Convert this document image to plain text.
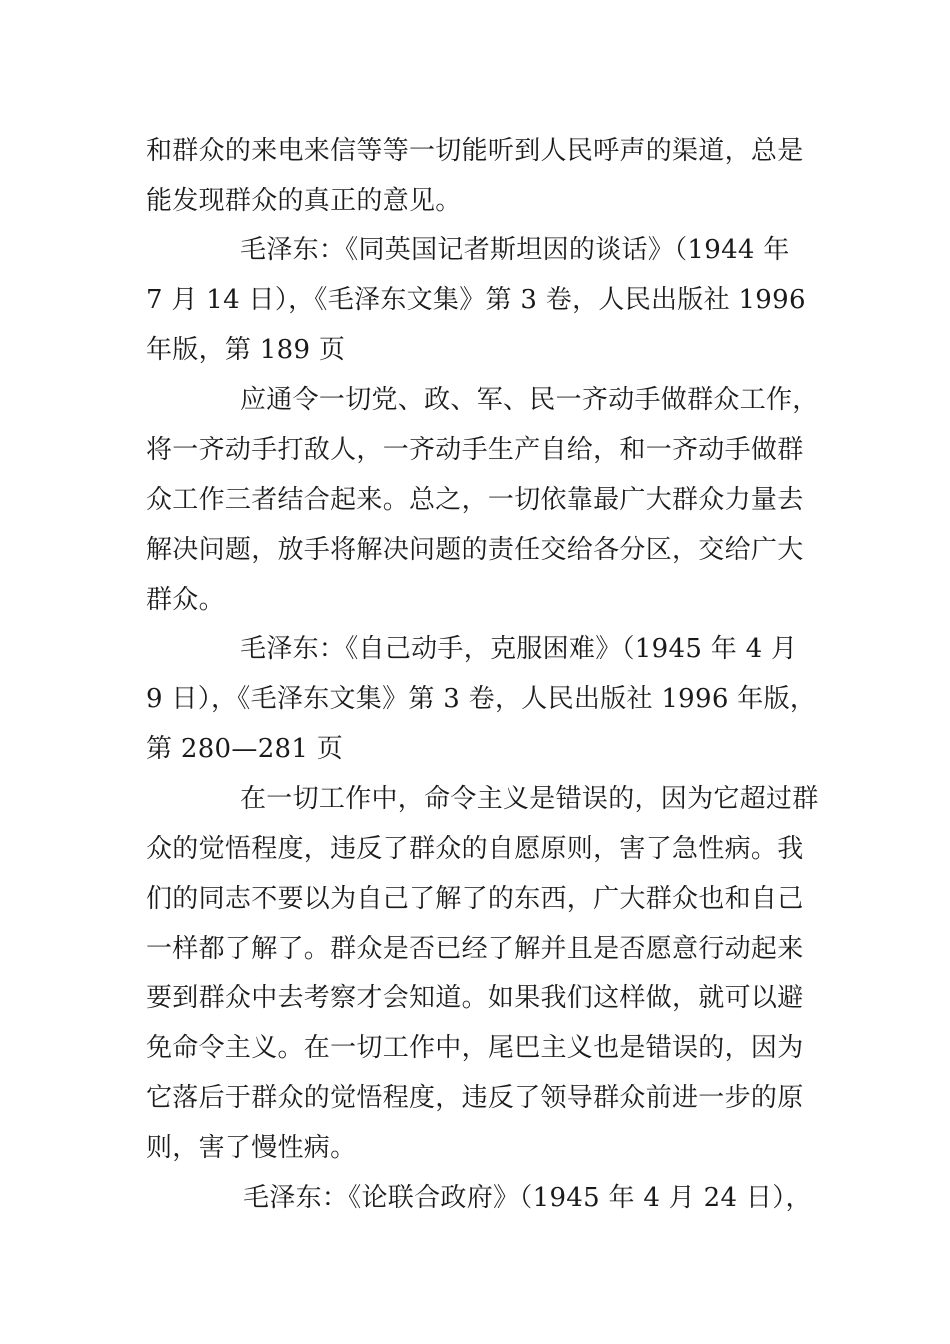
和群众的来电来信等等一切能听到人民呼声的渠道，总是
能发现群众的真正的意见。
毛泽东：《同英国记者斯坦因的谈话》（1944 年
7 月 14 日），《毛泽东文集》第 3 卷，人民出版社 1996
年版，第 189 页
应通令一切党、政、军、民一齐动手做群众工作，
将一齐动手打敌人，一齐动手生产自给，和一齐动手做群
众工作三者结合起来。总之，一切依靠最广大群众力量去
解决问题，放手将解决问题的责任交给各分区，交给广大
群众。
毛泽东：《自己动手，克服困难》（1945 年 4 月
9 日），《毛泽东文集》第 3 卷，人民出版社 1996 年版，
第 280—281 页
在一切工作中，命令主义是错误的，因为它超过群
众的觉悟程度，违反了群众的自愿原则，害了急性病。我
们的同志不要以为自己了解了的东西，广大群众也和自己
一样都了解了。群众是否已经了解并且是否愿意行动起来
要到群众中去考察才会知道。如果我们这样做，就可以避
免命令主义。在一切工作中，尾巴主义也是错误的，因为
它落后于群众的觉悟程度，违反了领导群众前进一步的原
则，害了慢性病。
毛泽东：《论联合政府》（1945 年 4 月 24 日），
